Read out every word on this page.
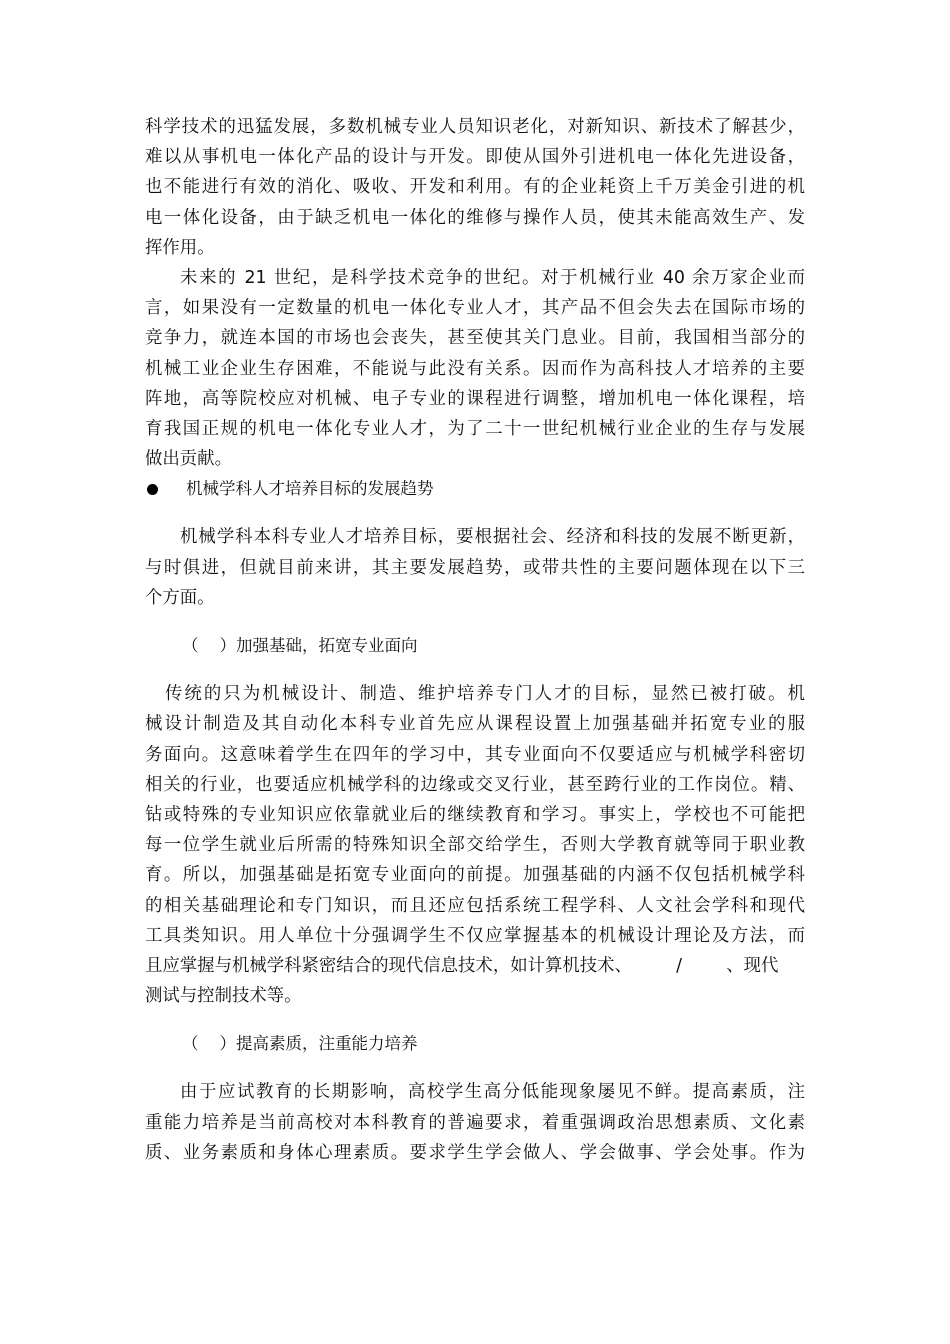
科学技术的迅猛发展，多数机械专业人员知识老化，对新知识、新技术了解甚少，
难以从事机电一体化产品的设计与开发。即使从国外引进机电一体化先进设备，
也不能进行有效的消化、吸收、开发和利用。有的企业耗资上千万美金引进的机
电一体化设备，由于缺乏机电一体化的维修与操作人员，使其未能高效生产、发
挥作用。
未来的 21 世纪，是科学技术竞争的世纪。对于机械行业 40 余万家企业而
言，如果没有一定数量的机电一体化专业人才，其产品不但会失去在国际市场的
竞争力，就连本国的市场也会丧失，甚至使其关门息业。目前，我国相当部分的
机械工业企业生存困难，不能说与此没有关系。因而作为高科技人才培养的主要
阵地，高等院校应对机械、电子专业的课程进行调整，增加机电一体化课程，培
育我国正规的机电一体化专业人才，为了二十一世纪机械行业企业的生存与发展
做出贡献。
机械学科人才培养目标的发展趋势
机械学科本科专业人才培养目标，要根据社会、经济和科技的发展不断更新，
与时俱进，但就目前来讲，其主要发展趋势，或带共性的主要问题体现在以下三
个方面。
（    ）加强基础，拓宽专业面向
传统的只为机械设计、制造、维护培养专门人才的目标，显然已被打破。机
械设计制造及其自动化本科专业首先应从课程设置上加强基础并拓宽专业的服
务面向。这意味着学生在四年的学习中，其专业面向不仅要适应与机械学科密切
相关的行业，也要适应机械学科的边缘或交叉行业，甚至跨行业的工作岗位。精、
钻或特殊的专业知识应依靠就业后的继续教育和学习。事实上，学校也不可能把
每一位学生就业后所需的特殊知识全部交给学生，否则大学教育就等同于职业教
育。所以，加强基础是拓宽专业面向的前提。加强基础的内涵不仅包括机械学科
的相关基础理论和专门知识，而且还应包括系统工程学科、人文社会学科和现代
工具类知识。用人单位十分强调学生不仅应掌握基本的机械设计理论及方法，而
且应掌握与机械学科紧密结合的现代信息技术，如计算机技术、        /        、现代
测试与控制技术等。
（    ）提高素质，注重能力培养
由于应试教育的长期影响，高校学生高分低能现象屡见不鲜。提高素质，注
重能力培养是当前高校对本科教育的普遍要求，着重强调政治思想素质、文化素
质、业务素质和身体心理素质。要求学生学会做人、学会做事、学会处事。作为
